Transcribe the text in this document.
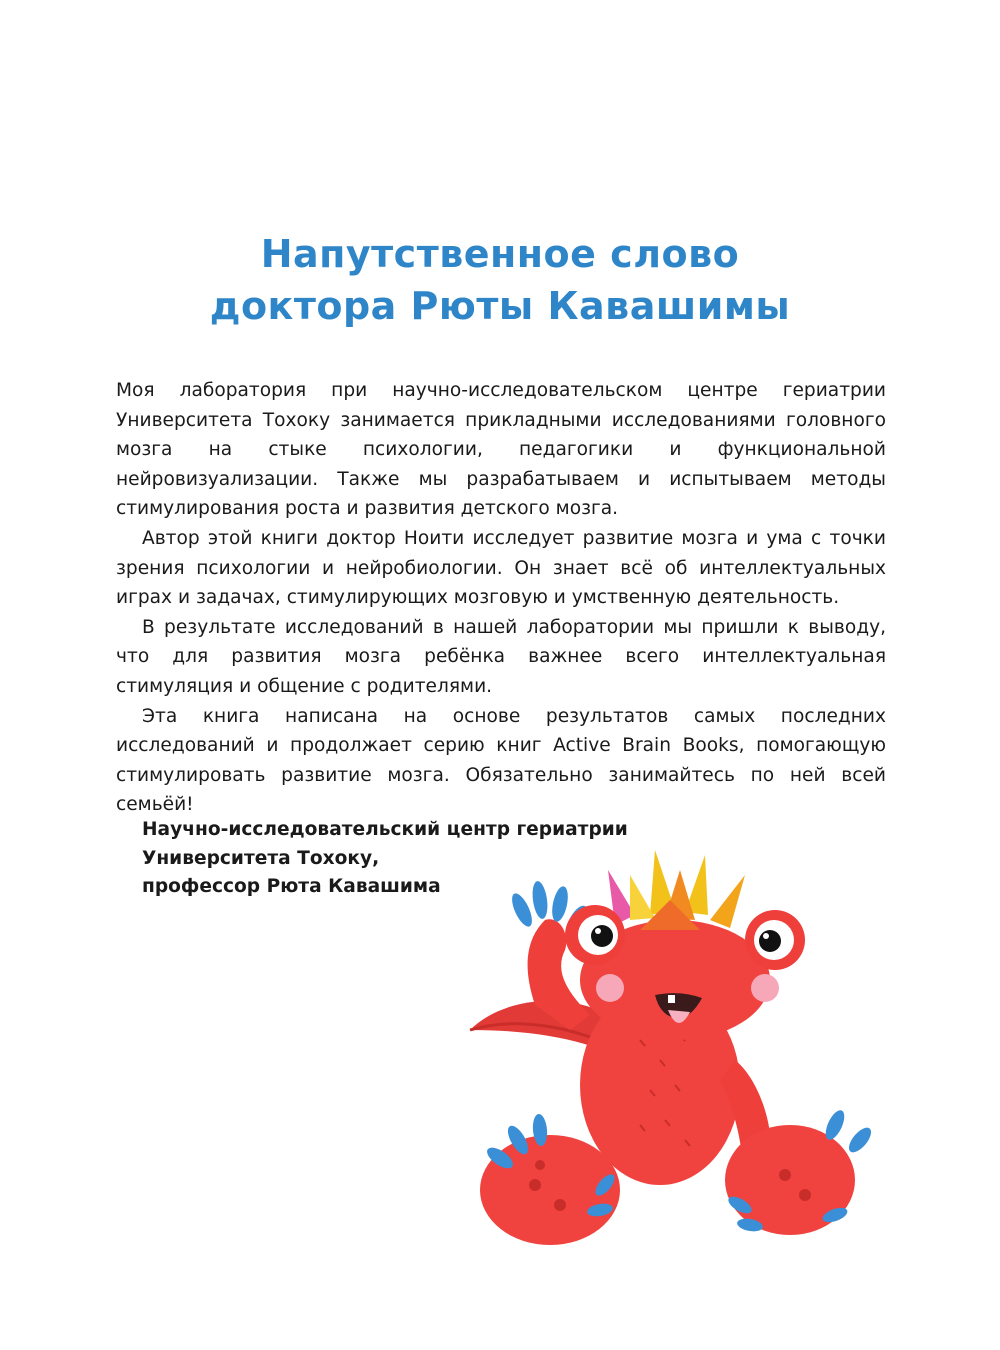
Напутственное слово
доктора Рюты Кавашимы

Моя лаборатория при научно-исследовательском центре гериатрии Университета Тохоку занимается прикладными исследованиями головного мозга на стыке психологии, педагогики и функциональной нейровизуализации. Также мы разрабатываем и испытываем методы стимулирования роста и развития детского мозга.

Автор этой книги доктор Ноити исследует развитие мозга и ума с точки зрения психологии и нейробиологии. Он знает всё об интеллектуальных играх и задачах, стимулирующих мозговую и умственную деятельность.

В результате исследований в нашей лаборатории мы пришли к выводу, что для развития мозга ребёнка важнее всего интеллектуальная стимуляция и общение с родителями.

Эта книга написана на основе результатов самых последних исследований и продолжает серию книг Active Brain Books, помогающую стимулировать развитие мозга. Обязательно занимайтесь по ней всей семьёй!

Научно-исследовательский центр гериатрии
Университета Тохоку,
профессор Рюта Кавашима
